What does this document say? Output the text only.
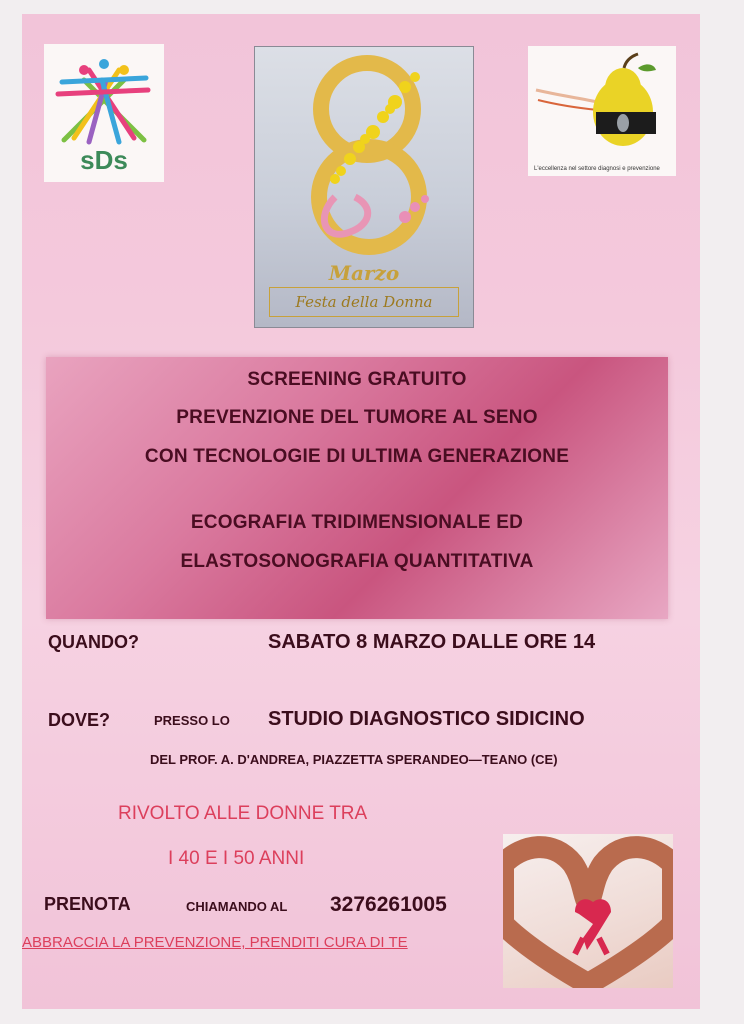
sDs
Marzo
Festa della Donna
L'eccellenza nel settore diagnosi e prevenzione
SCREENING GRATUITO
PREVENZIONE DEL TUMORE AL SENO
CON TECNOLOGIE DI ULTIMA GENERAZIONE
ECOGRAFIA TRIDIMENSIONALE ED
ELASTOSONOGRAFIA QUANTITATIVA
QUANDO?	SABATO 8 MARZO DALLE ORE 14
DOVE?	PRESSO LO STUDIO DIAGNOSTICO SIDICINO
DEL PROF. A. D'ANDREA, PIAZZETTA SPERANDEO—TEANO (CE)
RIVOLTO ALLE DONNE TRA
I 40 E I 50 ANNI
PRENOTA	CHIAMANDO AL 3276261005
ABBRACCIA LA PREVENZIONE, PRENDITI CURA DI TE
